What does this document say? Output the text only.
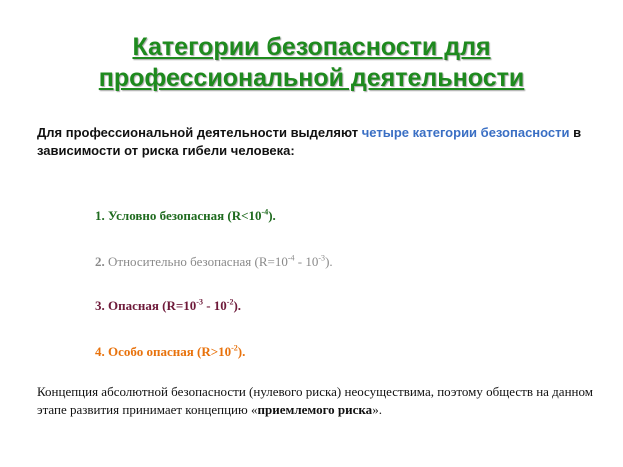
Категории безопасности для
профессиональной деятельности
Для профессиональной деятельности выделяют четыре категории безопасности в зависимости от риска гибели человека:
1. Условно безопасная $(R<10^{-4})$.
2. Относительно безопасная $(R=10^{-4} - 10^{-3})$.
3. Опасная $(R=10^{-3} - 10^{-2})$.
4. Особо опасная $(R>10^{-2})$.
Концепция абсолютной безопасности (нулевого риска) неосуществима, поэтому обществ на данном этапе развития принимает концепцию «приемлемого риска».
